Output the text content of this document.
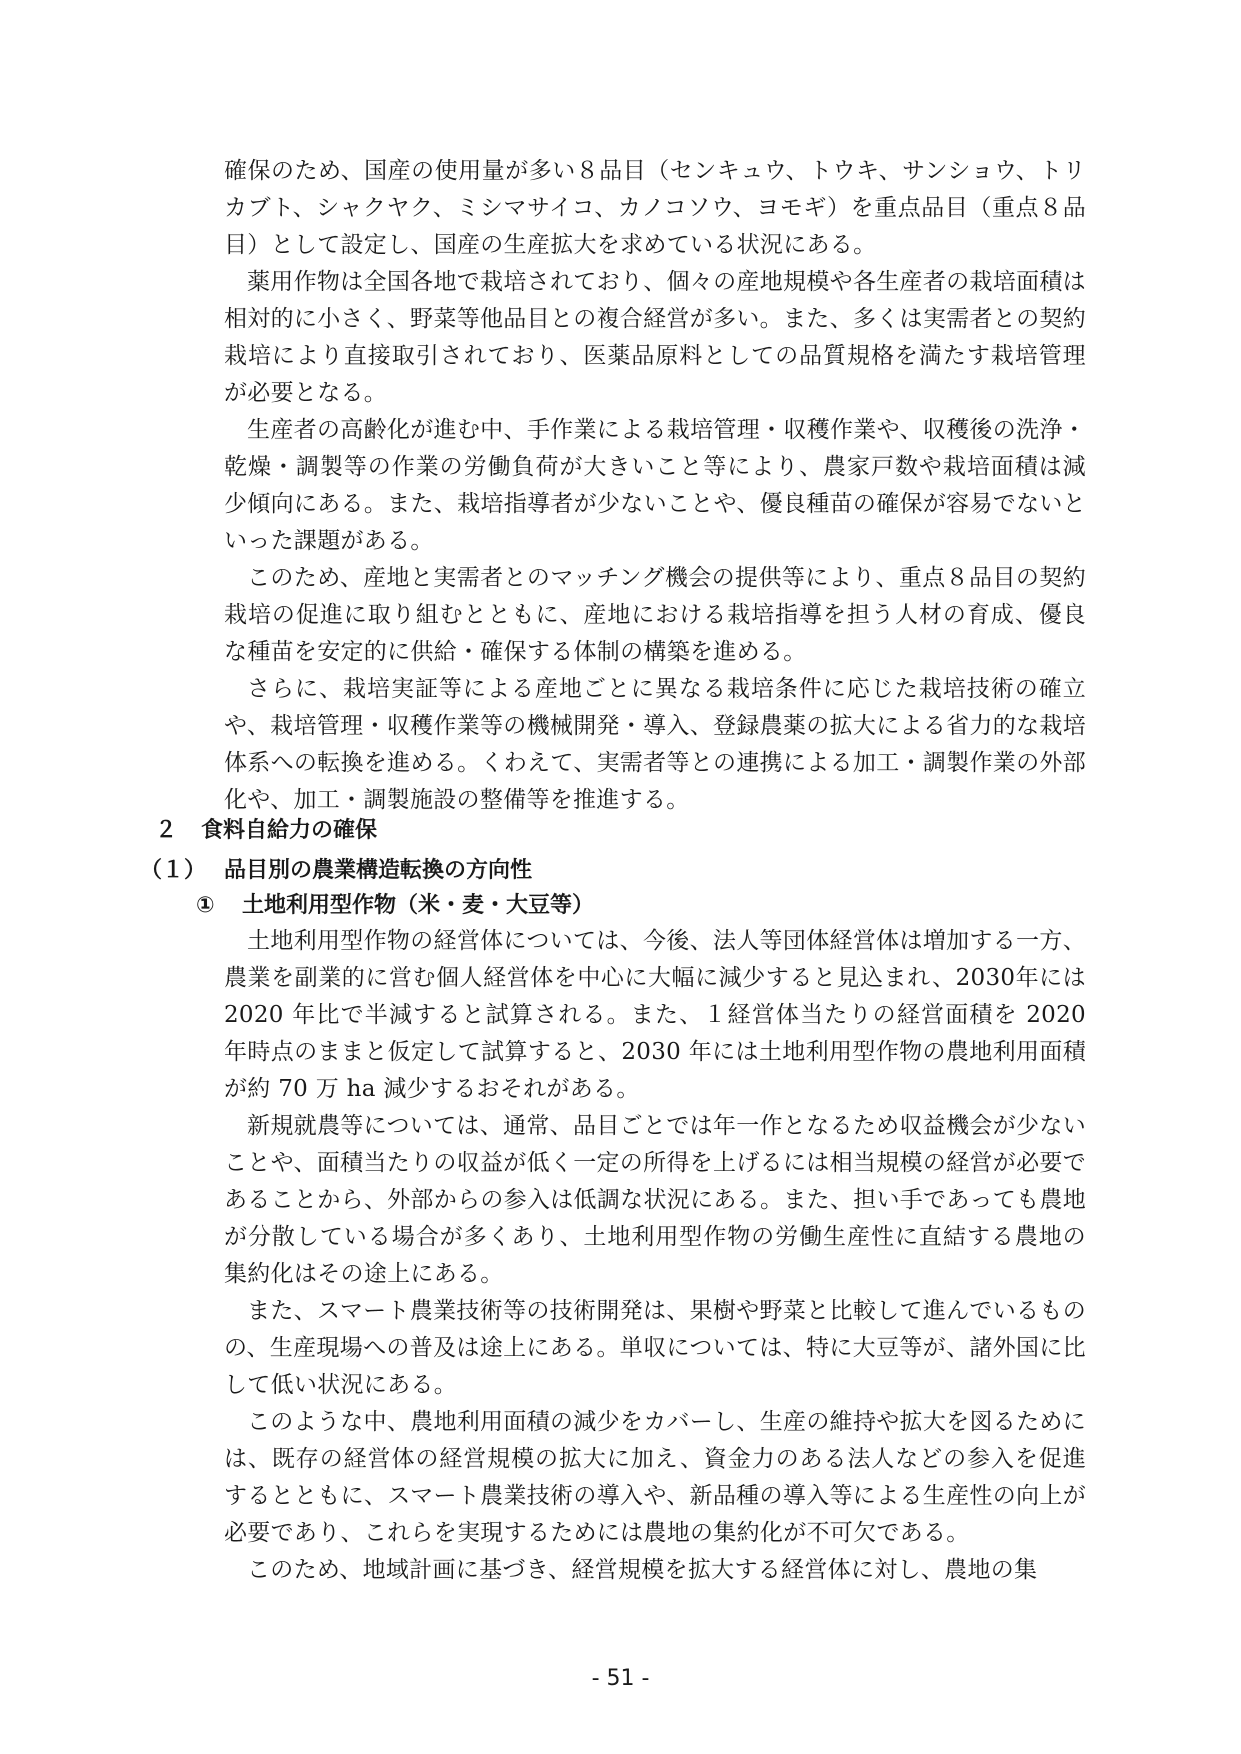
確保のため、国産の使用量が多い８品目（センキュウ、トウキ、サンショウ、トリカブト、シャクヤク、ミシマサイコ、カノコソウ、ヨモギ）を重点品目（重点８品目）として設定し、国産の生産拡大を求めている状況にある。

薬用作物は全国各地で栽培されており、個々の産地規模や各生産者の栽培面積は相対的に小さく、野菜等他品目との複合経営が多い。また、多くは実需者との契約栽培により直接取引されており、医薬品原料としての品質規格を満たす栽培管理が必要となる。

生産者の高齢化が進む中、手作業による栽培管理・収穫作業や、収穫後の洗浄・乾燥・調製等の作業の労働負荷が大きいこと等により、農家戸数や栽培面積は減少傾向にある。また、栽培指導者が少ないことや、優良種苗の確保が容易でないといった課題がある。

このため、産地と実需者とのマッチング機会の提供等により、重点８品目の契約栽培の促進に取り組むとともに、産地における栽培指導を担う人材の育成、優良な種苗を安定的に供給・確保する体制の構築を進める。

さらに、栽培実証等による産地ごとに異なる栽培条件に応じた栽培技術の確立や、栽培管理・収穫作業等の機械開発・導入、登録農薬の拡大による省力的な栽培体系への転換を進める。くわえて、実需者等との連携による加工・調製作業の外部化や、加工・調製施設の整備等を推進する。

２ 食料自給力の確保
（１） 品目別の農業構造転換の方向性
① 土地利用型作物（米・麦・大豆等）

土地利用型作物の経営体については、今後、法人等団体経営体は増加する一方、農業を副業的に営む個人経営体を中心に大幅に減少すると見込まれ、2030年には 2020 年比で半減すると試算される。また、１経営体当たりの経営面積を 2020 年時点のままと仮定して試算すると、2030 年には土地利用型作物の農地利用面積が約 70 万 ha 減少するおそれがある。

新規就農等については、通常、品目ごとでは年一作となるため収益機会が少ないことや、面積当たりの収益が低く一定の所得を上げるには相当規模の経営が必要であることから、外部からの参入は低調な状況にある。また、担い手であっても農地が分散している場合が多くあり、土地利用型作物の労働生産性に直結する農地の集約化はその途上にある。

また、スマート農業技術等の技術開発は、果樹や野菜と比較して進んでいるものの、生産現場への普及は途上にある。単収については、特に大豆等が、諸外国に比して低い状況にある。

このような中、農地利用面積の減少をカバーし、生産の維持や拡大を図るためには、既存の経営体の経営規模の拡大に加え、資金力のある法人などの参入を促進するとともに、スマート農業技術の導入や、新品種の導入等による生産性の向上が必要であり、これらを実現するためには農地の集約化が不可欠である。

このため、地域計画に基づき、経営規模を拡大する経営体に対し、農地の集

- 51 -
